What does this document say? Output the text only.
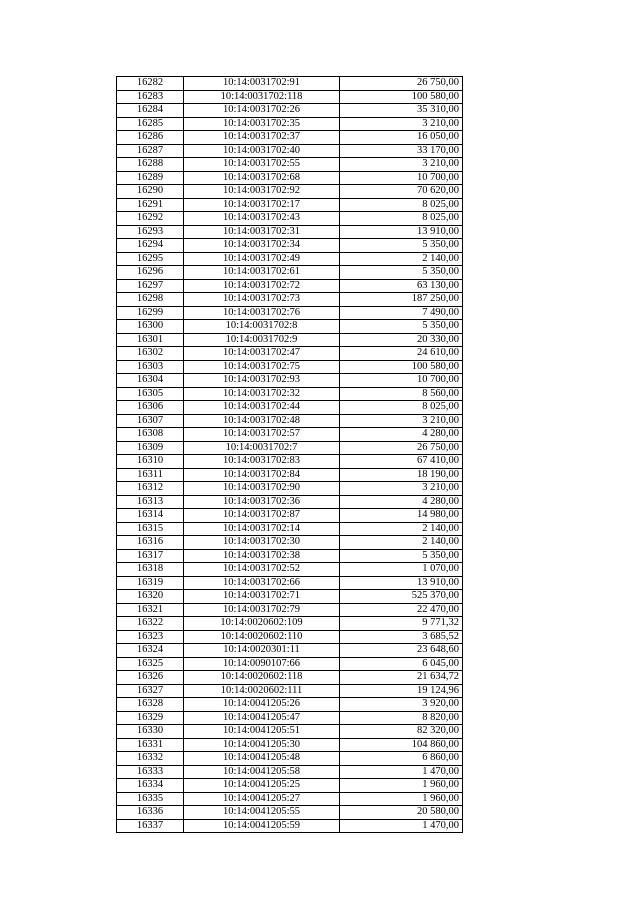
16282	10:14:0031702:91	26 750,00
16283	10:14:0031702:118	100 580,00
16284	10:14:0031702:26	35 310,00
16285	10:14:0031702:35	3 210,00
16286	10:14:0031702:37	16 050,00
16287	10:14:0031702:40	33 170,00
16288	10:14:0031702:55	3 210,00
16289	10:14:0031702:68	10 700,00
16290	10:14:0031702:92	70 620,00
16291	10:14:0031702:17	8 025,00
16292	10:14:0031702:43	8 025,00
16293	10:14:0031702:31	13 910,00
16294	10:14:0031702:34	5 350,00
16295	10:14:0031702:49	2 140,00
16296	10:14:0031702:61	5 350,00
16297	10:14:0031702:72	63 130,00
16298	10:14:0031702:73	187 250,00
16299	10:14:0031702:76	7 490,00
16300	10:14:0031702:8	5 350,00
16301	10:14:0031702:9	20 330,00
16302	10:14:0031702:47	24 610,00
16303	10:14:0031702:75	100 580,00
16304	10:14:0031702:93	10 700,00
16305	10:14:0031702:32	8 560,00
16306	10:14:0031702:44	8 025,00
16307	10:14:0031702:48	3 210,00
16308	10:14:0031702:57	4 280,00
16309	10:14:0031702:7	26 750,00
16310	10:14:0031702:83	67 410,00
16311	10:14:0031702:84	18 190,00
16312	10:14:0031702:90	3 210,00
16313	10:14:0031702:36	4 280,00
16314	10:14:0031702:87	14 980,00
16315	10:14:0031702:14	2 140,00
16316	10:14:0031702:30	2 140,00
16317	10:14:0031702:38	5 350,00
16318	10:14:0031702:52	1 070,00
16319	10:14:0031702:66	13 910,00
16320	10:14:0031702:71	525 370,00
16321	10:14:0031702:79	22 470,00
16322	10:14:0020602:109	9 771,32
16323	10:14:0020602:110	3 685,52
16324	10:14:0020301:11	23 648,60
16325	10:14:0090107:66	6 045,00
16326	10:14:0020602:118	21 634,72
16327	10:14:0020602:111	19 124,96
16328	10:14:0041205:26	3 920,00
16329	10:14:0041205:47	8 820,00
16330	10:14:0041205:51	82 320,00
16331	10:14:0041205:30	104 860,00
16332	10:14:0041205:48	6 860,00
16333	10:14:0041205:58	1 470,00
16334	10:14:0041205:25	1 960,00
16335	10:14:0041205:27	1 960,00
16336	10:14:0041205:55	20 580,00
16337	10:14:0041205:59	1 470,00
